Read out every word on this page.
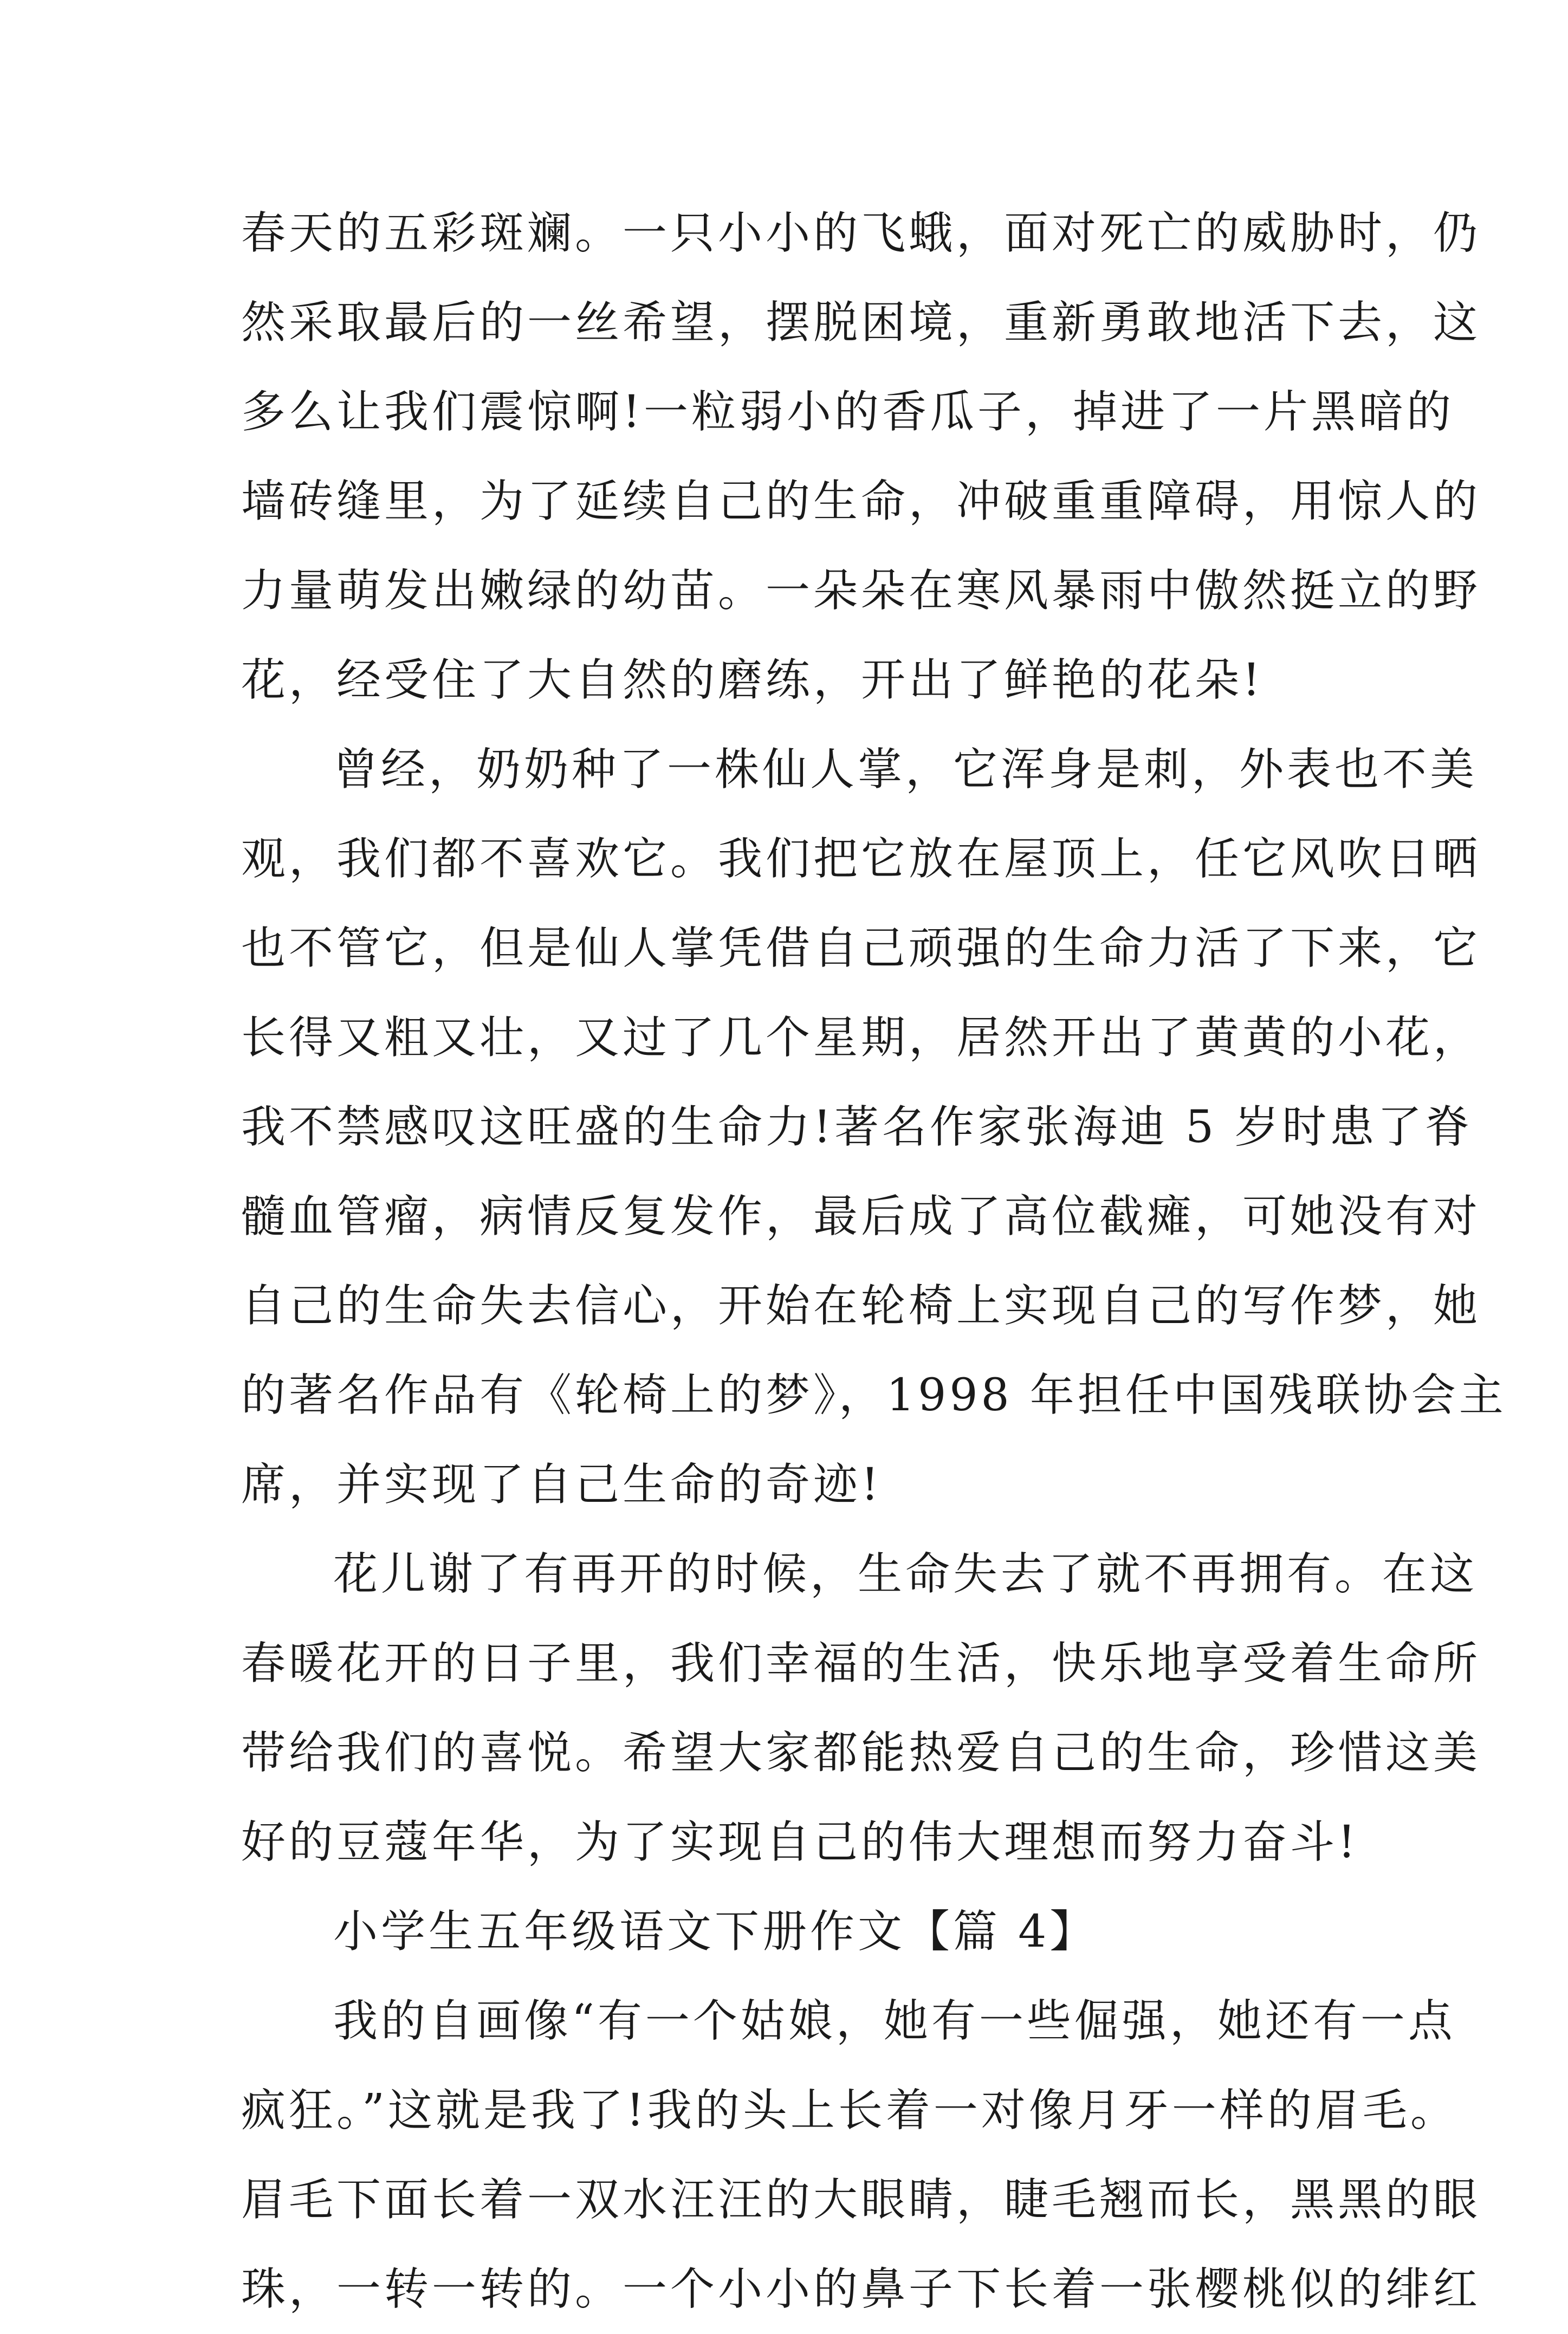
春天的五彩斑斓。一只小小的飞蛾，面对死亡的威胁时，仍
然采取最后的一丝希望，摆脱困境，重新勇敢地活下去，这
多么让我们震惊啊!一粒弱小的香瓜子，掉进了一片黑暗的
墙砖缝里，为了延续自己的生命，冲破重重障碍，用惊人的
力量萌发出嫩绿的幼苗。一朵朵在寒风暴雨中傲然挺立的野
花，经受住了大自然的磨练，开出了鲜艳的花朵!
曾经，奶奶种了一株仙人掌，它浑身是刺，外表也不美
观，我们都不喜欢它。我们把它放在屋顶上，任它风吹日晒
也不管它，但是仙人掌凭借自己顽强的生命力活了下来，它
长得又粗又壮，又过了几个星期，居然开出了黄黄的小花，
我不禁感叹这旺盛的生命力!著名作家张海迪 5 岁时患了脊
髓血管瘤，病情反复发作，最后成了高位截瘫，可她没有对
自己的生命失去信心，开始在轮椅上实现自己的写作梦，她
的著名作品有《轮椅上的梦》，1998 年担任中国残联协会主
席，并实现了自己生命的奇迹!
花儿谢了有再开的时候，生命失去了就不再拥有。在这
春暖花开的日子里，我们幸福的生活，快乐地享受着生命所
带给我们的喜悦。希望大家都能热爱自己的生命，珍惜这美
好的豆蔻年华，为了实现自己的伟大理想而努力奋斗!
小学生五年级语文下册作文【篇 4】
我的自画像“有一个姑娘，她有一些倔强，她还有一点
疯狂。”这就是我了!我的头上长着一对像月牙一样的眉毛。
眉毛下面长着一双水汪汪的大眼睛，睫毛翘而长，黑黑的眼
珠，一转一转的。一个小小的鼻子下长着一张樱桃似的绯红
